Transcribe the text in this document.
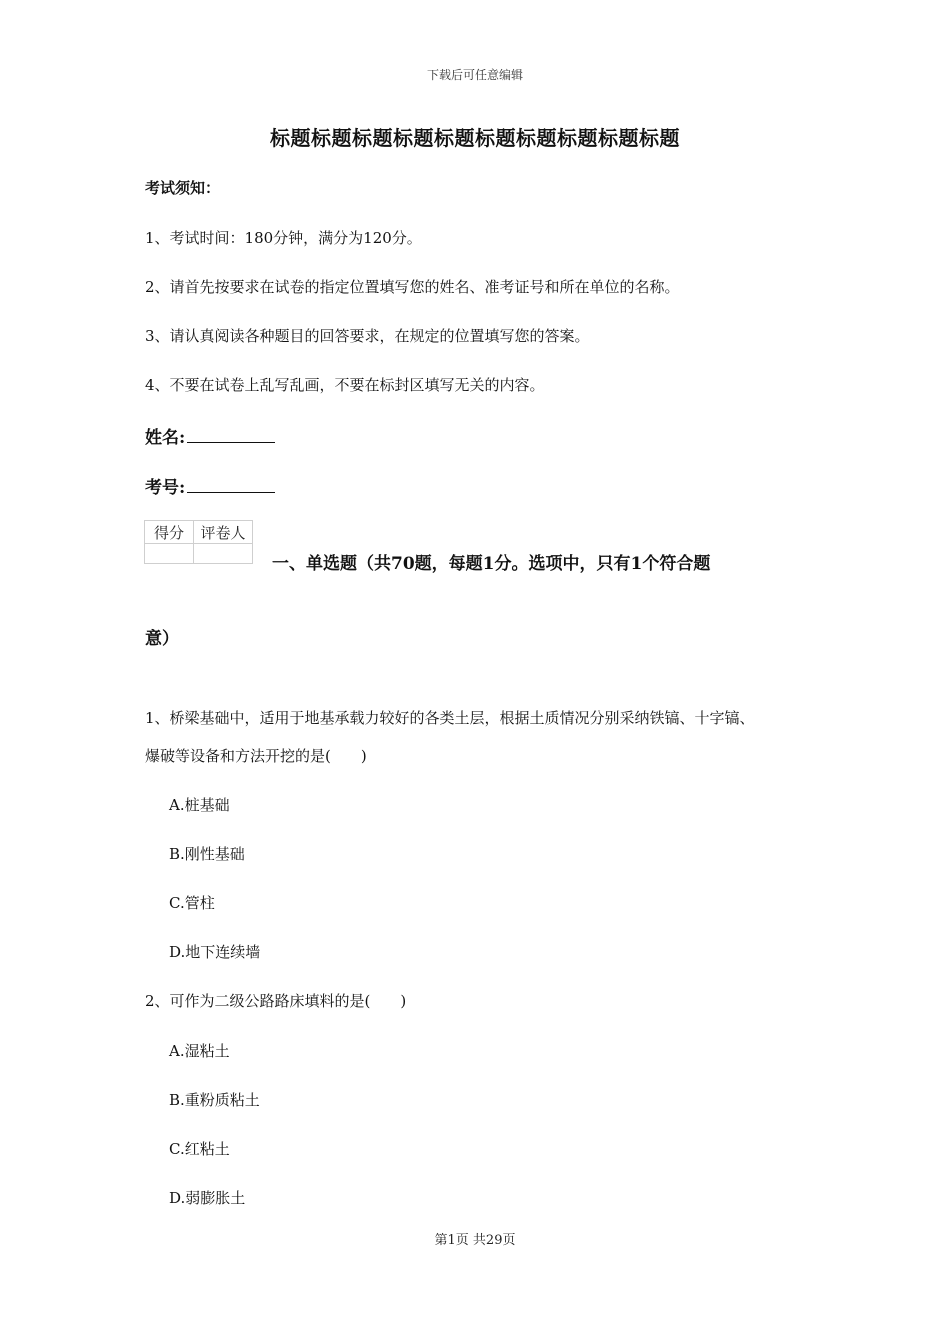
下载后可任意编辑
标题标题标题标题标题标题标题标题标题标题
考试须知：
1、考试时间：180分钟，满分为120分。
2、请首先按要求在试卷的指定位置填写您的姓名、准考证号和所在单位的名称。
3、请认真阅读各种题目的回答要求，在规定的位置填写您的答案。
4、不要在试卷上乱写乱画，不要在标封区填写无关的内容。
姓名:
考号:
得分	评卷人

一、单选题（共70题，每题1分。选项中，只有1个符合题
意）
1、桥梁基础中，适用于地基承载力较好的各类土层，根据土质情况分别采纳铁镐、十字镐、
爆破等设备和方法开挖的是(　　)
A.桩基础
B.刚性基础
C.管柱
D.地下连续墙
2、可作为二级公路路床填料的是(　　)
A.湿粘土
B.重粉质粘土
C.红粘土
D.弱膨胀土
第1页 共29页
